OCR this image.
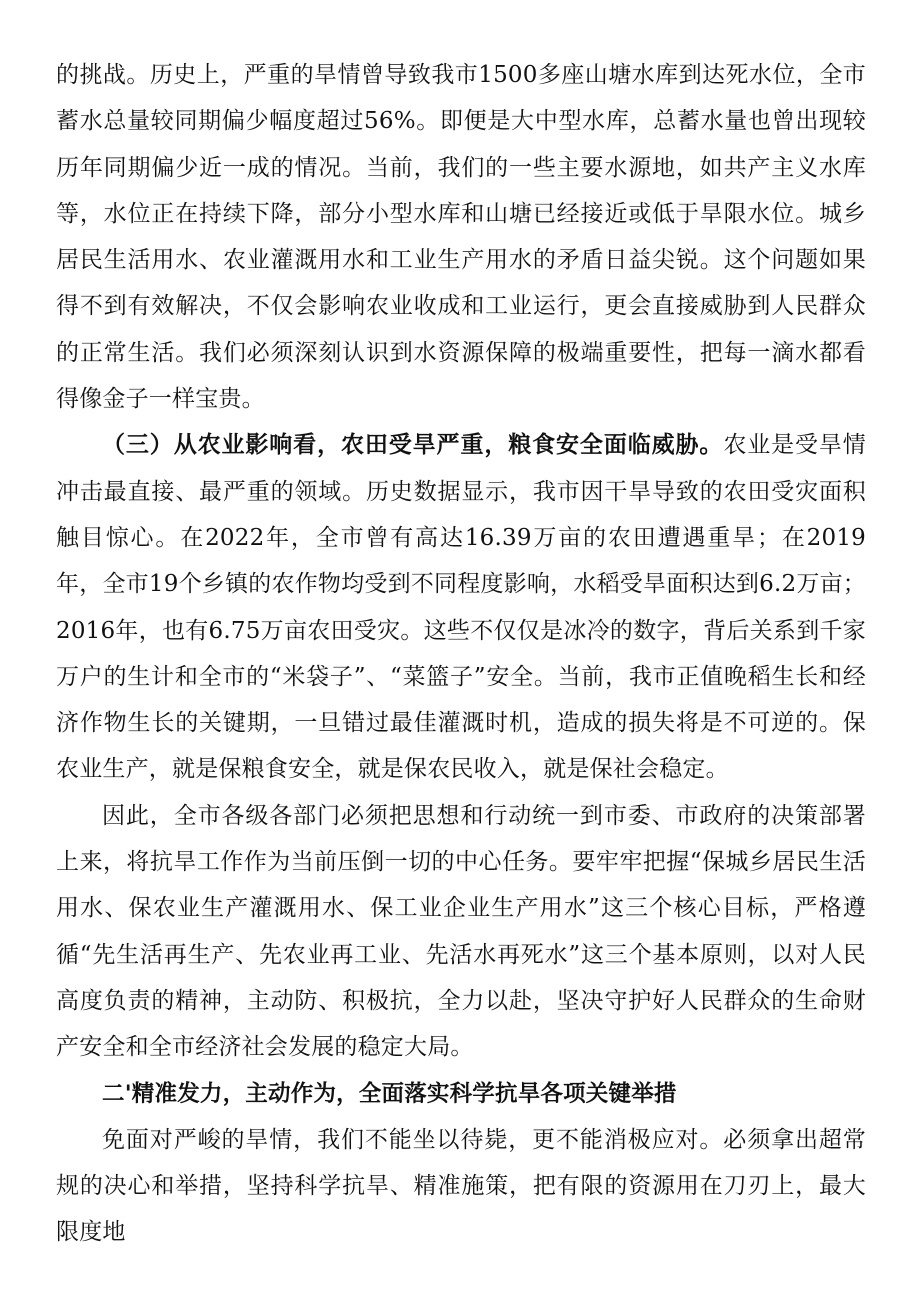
的挑战。历史上，严重的旱情曾导致我市1500多座山塘水库到达死水位，全市蓄水总量较同期偏少幅度超过56%。即便是大中型水库，总蓄水量也曾出现较历年同期偏少近一成的情况。当前，我们的一些主要水源地，如共产主义水库等，水位正在持续下降，部分小型水库和山塘已经接近或低于旱限水位。城乡居民生活用水、农业灌溉用水和工业生产用水的矛盾日益尖锐。这个问题如果得不到有效解决，不仅会影响农业收成和工业运行，更会直接威胁到人民群众的正常生活。我们必须深刻认识到水资源保障的极端重要性，把每一滴水都看得像金子一样宝贵。

（三）从农业影响看，农田受旱严重，粮食安全面临威胁。农业是受旱情冲击最直接、最严重的领域。历史数据显示，我市因干旱导致的农田受灾面积触目惊心。在2022年，全市曾有高达16.39万亩的农田遭遇重旱；在2019年，全市19个乡镇的农作物均受到不同程度影响，水稻受旱面积达到6.2万亩；2016年，也有6.75万亩农田受灾。这些不仅仅是冰冷的数字，背后关系到千家万户的生计和全市的“米袋子”、“菜篮子”安全。当前，我市正值晚稻生长和经济作物生长的关键期，一旦错过最佳灌溉时机，造成的损失将是不可逆的。保农业生产，就是保粮食安全，就是保农民收入，就是保社会稳定。

因此，全市各级各部门必须把思想和行动统一到市委、市政府的决策部署上来，将抗旱工作作为当前压倒一切的中心任务。要牢牢把握“保城乡居民生活用水、保农业生产灌溉用水、保工业企业生产用水”这三个核心目标，严格遵循“先生活再生产、先农业再工业、先活水再死水”这三个基本原则，以对人民高度负责的精神，主动防、积极抗，全力以赴，坚决守护好人民群众的生命财产安全和全市经济社会发展的稳定大局。

二'精准发力，主动作为，全面落实科学抗旱各项关键举措

免面对严峻的旱情，我们不能坐以待毙，更不能消极应对。必须拿出超常规的决心和举措，坚持科学抗旱、精准施策，把有限的资源用在刀刃上，最大限度地
